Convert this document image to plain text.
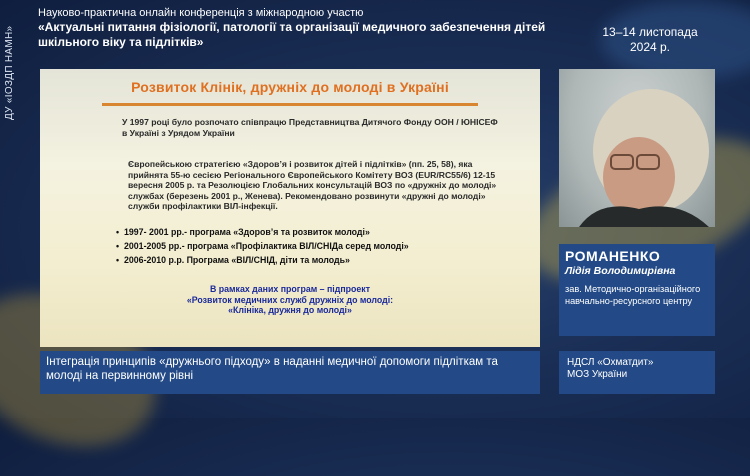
ДУ «ІОЗДП НАМН»
Науково-практична онлайн конференція з міжнародною участю
«Актуальні питання фізіології, патології та організації медичного забезпечення дітей шкільного віку та підлітків»
13–14 листопада
2024 р.
Розвиток Клінік, дружніх до молоді в Україні
У 1997 році було розпочато співпрацю Представництва Дитячого Фонду ООН / ЮНІСЕФ в Україні з Урядом України
Європейською стратегією «Здоров’я і розвиток дітей і підлітків» (пп. 25, 58), яка прийнята 55-ю сесією Регіонального Європейського Комітету ВОЗ (EUR/RC55/6) 12-15 вересня 2005 р. та Резолюцією Глобальних консультацій ВОЗ по «дружніх до молоді» службах (березень 2001 р., Женева). Рекомендовано розвинути «дружні до молоді» служби профілактики ВІЛ-інфекції.
• 1997- 2001 рр.- програма «Здоров’я та розвиток молоді»
• 2001-2005 рр.- програма «Профілактика ВІЛ/СНІДа серед молоді»
• 2006-2010 р.р. Програма «ВІЛ/СНІД, діти та молодь»
В рамках даних програм – підпроект
«Розвиток медичних служб дружніх до молоді:
«Клініка, дружня до молоді»
РОМАНЕНКО
Лідія Володимирівна
зав. Методично-організаційного навчально-ресурсного центру
Інтеграція принципів «дружнього підходу» в наданні медичної допомоги підліткам та молоді на первинному рівні
НДСЛ «Охматдит»
МОЗ України
